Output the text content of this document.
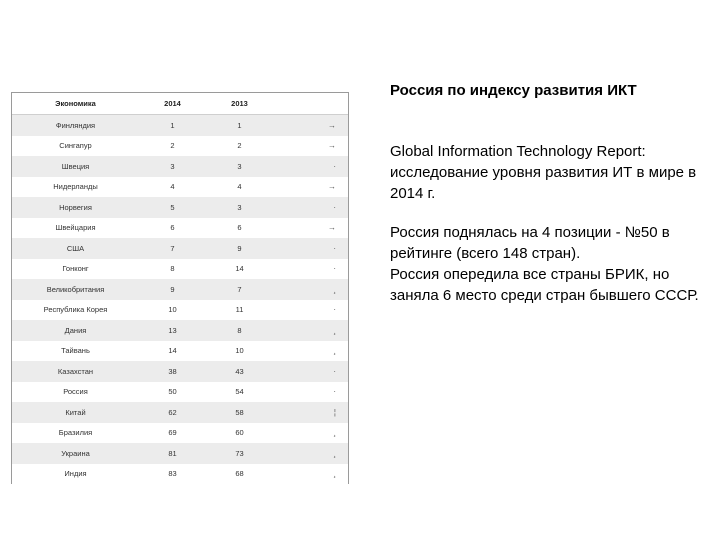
Экономика	2014	2013	
Финляндия	1	1	→
Сингапур	2	2	→
Швеция	3	3	·
Нидерланды	4	4	→
Норвегия	5	3	·
Швейцария	6	6	→
США	7	9	·
Гонконг	8	14	·
Великобритания	9	7	¸
Республика Корея	10	11	·
Дания	13	8	¸
Тайвань	14	10	¸
Казахстан	38	43	·
Россия	50	54	·
Китай	62	58	¦
Бразилия	69	60	¸
Украина	81	73	¸
Индия	83	68	¸

Россия по индексу развития ИКТ

Global Information Technology Report: исследование уровня развития ИТ в мире в 2014 г.

Россия поднялась на 4 позиции - №50 в рейтинге (всего 148 стран).

Россия опередила все страны БРИК, но заняла 6 место среди стран бывшего СССР.
